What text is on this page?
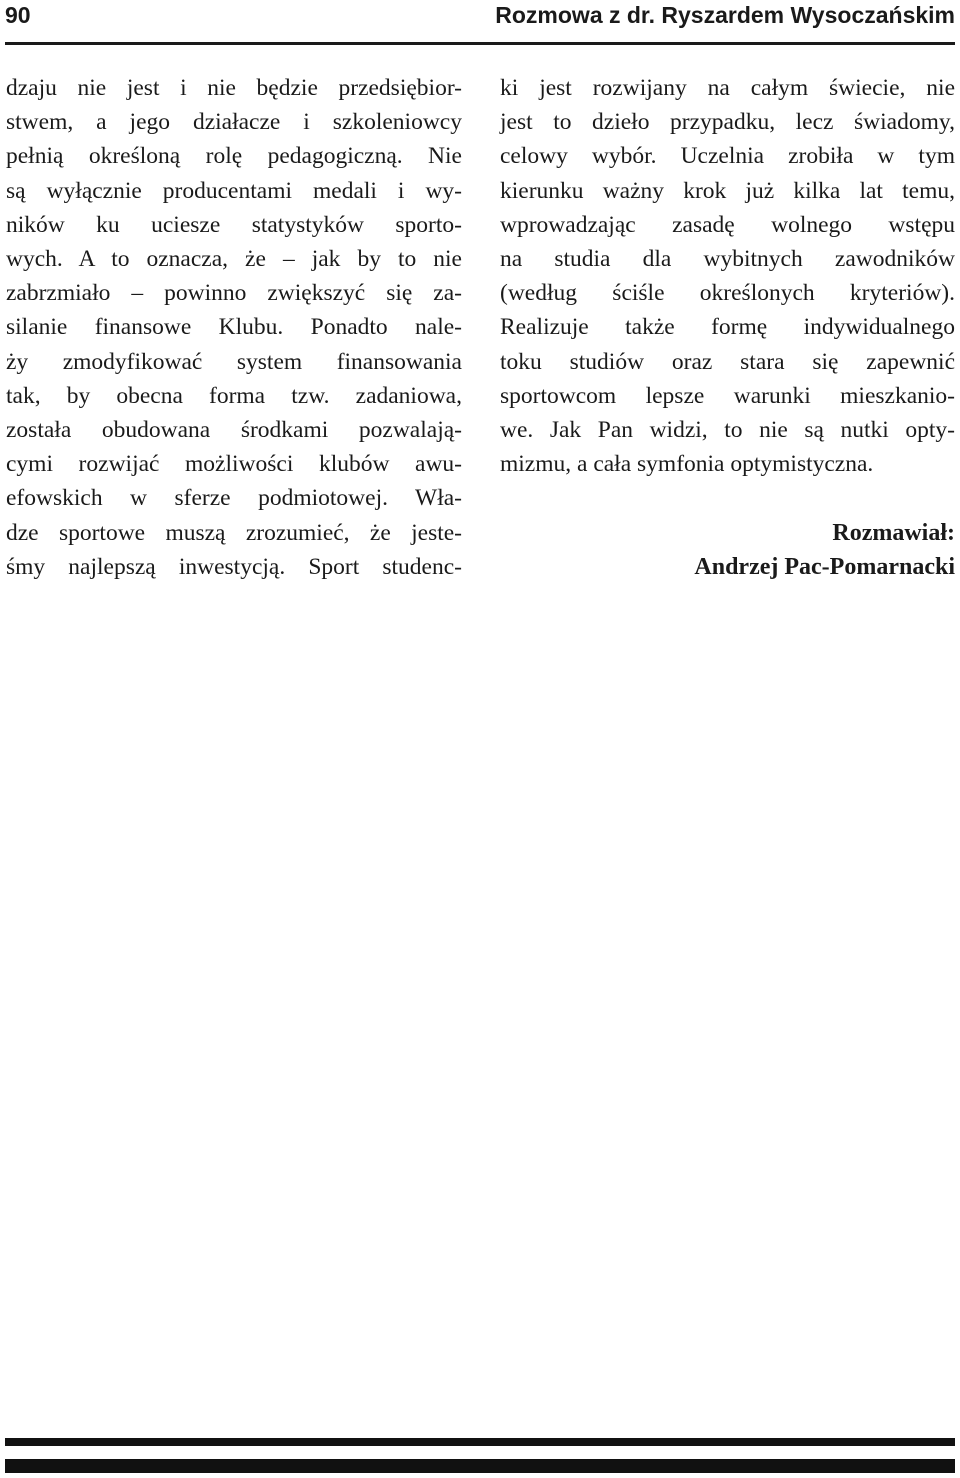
90	Rozmowa z dr. Ryszardem Wysoczańskim
dzaju nie jest i nie będzie przedsiębior-
stwem, a jego działacze i szkoleniowcy
pełnią określoną rolę pedagogiczną. Nie
są wyłącznie producentami medali i wy-
ników ku uciesze statystyków sporto-
wych. A to oznacza, że – jak by to nie
zabrzmiało – powinno zwiększyć się za-
silanie finansowe Klubu. Ponadto nale-
ży zmodyfikować system finansowania
tak, by obecna forma tzw. zadaniowa,
została obudowana środkami pozwalają-
cymi rozwijać możliwości klubów awu-
efowskich w sferze podmiotowej. Wła-
dze sportowe muszą zrozumieć, że jeste-
śmy najlepszą inwestycją. Sport studenc-
ki jest rozwijany na całym świecie, nie
jest to dzieło przypadku, lecz świadomy,
celowy wybór. Uczelnia zrobiła w tym
kierunku ważny krok już kilka lat temu,
wprowadzając zasadę wolnego wstępu
na studia dla wybitnych zawodników
(według ściśle określonych kryteriów).
Realizuje także formę indywidualnego
toku studiów oraz stara się zapewnić
sportowcom lepsze warunki mieszkanio-
we. Jak Pan widzi, to nie są nutki opty-
mizmu, a cała symfonia optymistyczna.
Rozmawiał:
Andrzej Pac-Pomarnacki
